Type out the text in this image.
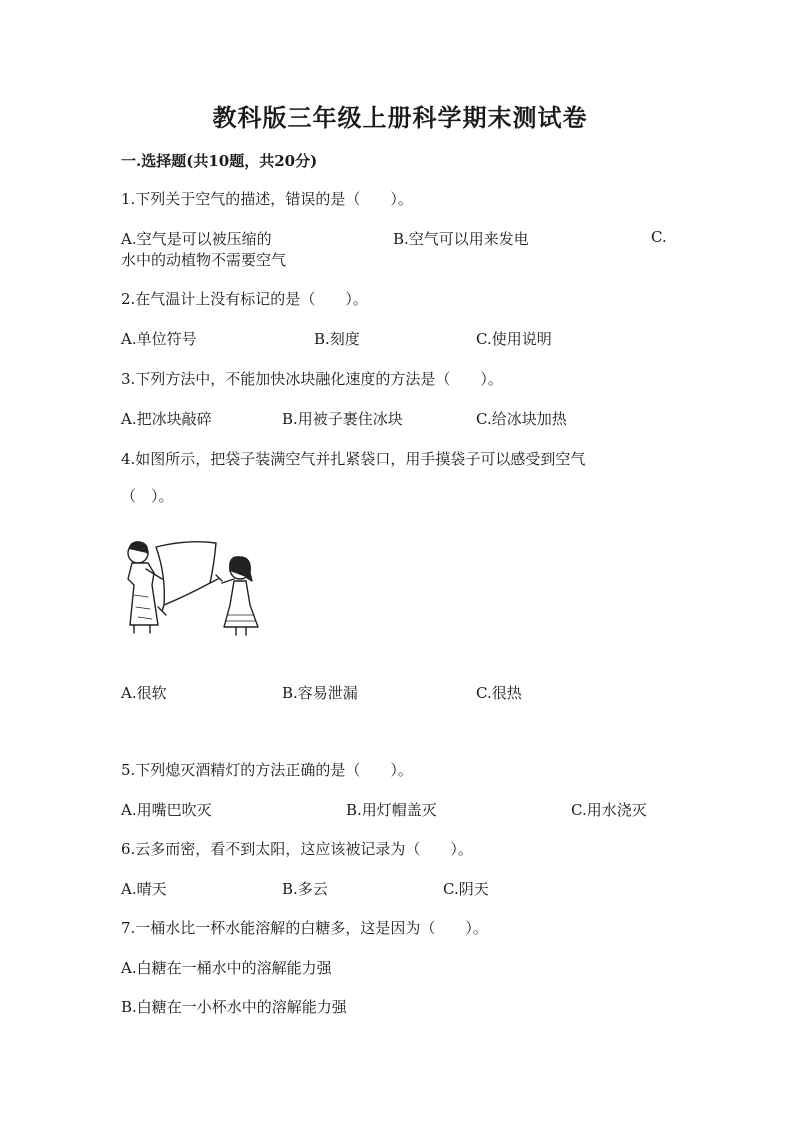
教科版三年级上册科学期末测试卷
一.选择题(共10题，共20分)
1.下列关于空气的描述，错误的是（　　）。
A.空气是可以被压缩的	B.空气可以用来发电	C.
水中的动植物不需要空气
2.在气温计上没有标记的是（　　）。
A.单位符号	B.刻度	C.使用说明
3.下列方法中，不能加快冰块融化速度的方法是（　　）。
A.把冰块敲碎	B.用被子裹住冰块	C.给冰块加热
4.如图所示，把袋子装满空气并扎紧袋口，用手摸袋子可以感受到空气
（　）。
A.很软	B.容易泄漏	C.很热
5.下列熄灭酒精灯的方法正确的是（　　）。
A.用嘴巴吹灭	B.用灯帽盖灭	C.用水浇灭
6.云多而密，看不到太阳，这应该被记录为（　　）。
A.晴天	B.多云	C.阴天
7.一桶水比一杯水能溶解的白糖多，这是因为（　　）。
A.白糖在一桶水中的溶解能力强
B.白糖在一小杯水中的溶解能力强
